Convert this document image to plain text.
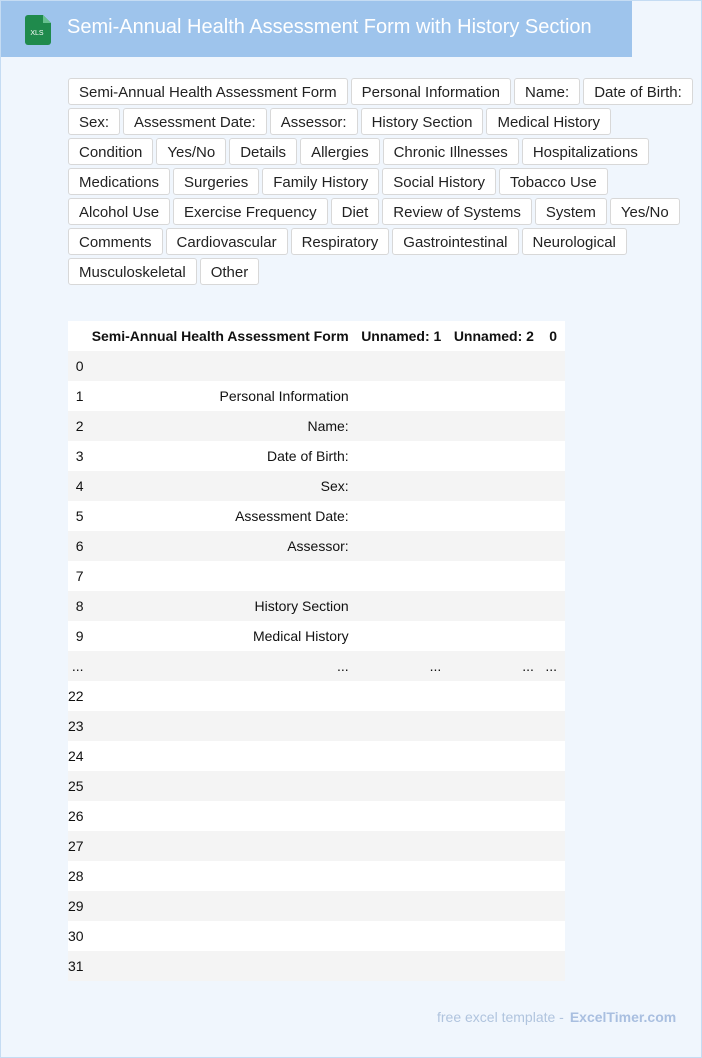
XLS Semi-Annual Health Assessment Form with History Section
Semi-Annual Health Assessment Form	Personal Information	Name:	Date of Birth:
Sex:	Assessment Date:	Assessor:	History Section	Medical History
Condition	Yes/No	Details	Allergies	Chronic Illnesses	Hospitalizations
Medications	Surgeries	Family History	Social History	Tobacco Use
Alcohol Use	Exercise Frequency	Diet	Review of Systems	System	Yes/No
Comments	Cardiovascular	Respiratory	Gastrointestinal	Neurological
Musculoskeletal	Other
	Semi-Annual Health Assessment Form	Unnamed: 1	Unnamed: 2	0
0				
1	Personal Information			
2	Name:			
3	Date of Birth:			
4	Sex:			
5	Assessment Date:			
6	Assessor:			
7				
8	History Section			
9	Medical History			
...	...	...	...	...
22				
23				
24				
25				
26				
27				
28				
29				
30				
31				
free excel template - ExcelTimer.com
